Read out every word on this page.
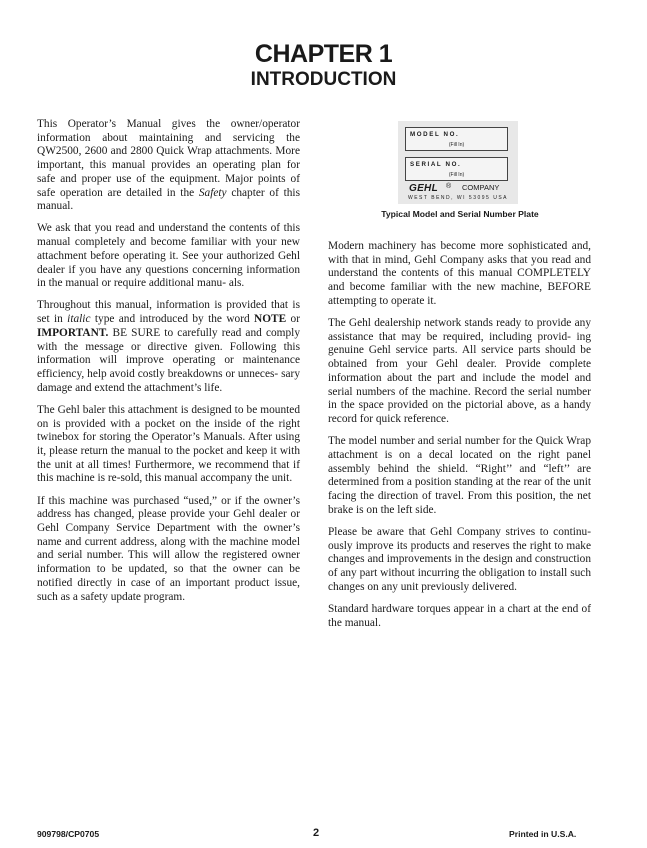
CHAPTER 1
INTRODUCTION

This Operator’s Manual gives the owner/operator information about maintaining and servicing the QW2500, 2600 and 2800 Quick Wrap attachments. More important, this manual provides an operating plan for safe and proper use of the equipment. Major points of safe operation are detailed in the Safety chapter of this manual.

We ask that you read and understand the contents of this manual completely and become familiar with your new attachment before operating it. See your authorized Gehl dealer if you have any questions concerning information in the manual or require additional manu- als.

Throughout this manual, information is provided that is set in italic type and introduced by the word NOTE or IMPORTANT. BE SURE to carefully read and comply with the message or directive given. Following this information will improve operating or maintenance efficiency, help avoid costly breakdowns or unneces- sary damage and extend the attachment’s life.

The Gehl baler this attachment is designed to be mounted on is provided with a pocket on the inside of the right twinebox for storing the Operator’s Manuals. After using it, please return the manual to the pocket and keep it with the unit at all times! Furthermore, we recommend that if this machine is re-sold, this manual accompany the unit.

If this machine was purchased “used,” or if the owner’s address has changed, please provide your Gehl dealer or Gehl Company Service Department with the owner’s name and current address, along with the machine model and serial number. This will allow the registered owner information to be updated, so that the owner can be notified directly in case of an important product issue, such as a safety update program.

MODEL NO.
(Fill In)
SERIAL NO.
(Fill In)
GEHL ® COMPANY
WEST BEND, WI 53095 USA
Typical Model and Serial Number Plate

Modern machinery has become more sophisticated and, with that in mind, Gehl Company asks that you read and understand the contents of this manual COMPLETELY and become familiar with the new machine, BEFORE attempting to operate it.

The Gehl dealership network stands ready to provide any assistance that may be required, including provid- ing genuine Gehl service parts. All service parts should be obtained from your Gehl dealer. Provide complete information about the part and include the model and serial numbers of the machine. Record the serial number in the space provided on the pictorial above, as a handy record for quick reference.

The model number and serial number for the Quick Wrap attachment is on a decal located on the right panel assembly behind the shield. “Right’’ and “left’’ are determined from a position standing at the rear of the unit facing the direction of travel. From this position, the net brake is on the left side.

Please be aware that Gehl Company strives to continu- ously improve its products and reserves the right to make changes and improvements in the design and construction of any part without incurring the obligation to install such changes on any unit previously delivered.

Standard hardware torques appear in a chart at the end of the manual.

909798/CP0705	2	Printed in U.S.A.
